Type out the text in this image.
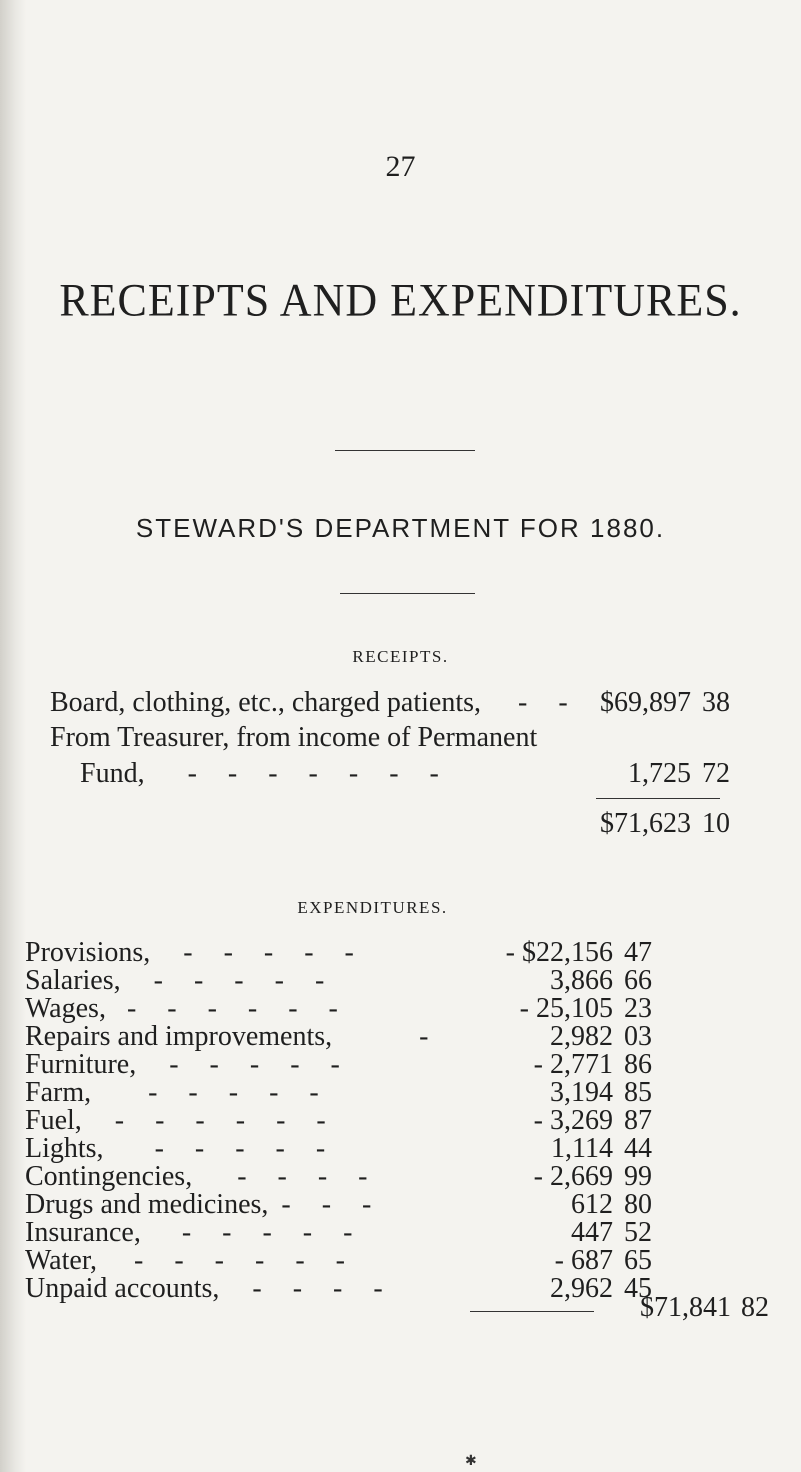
27
RECEIPTS AND EXPENDITURES.
STEWARD'S DEPARTMENT FOR 1880.
RECEIPTS.
Board, clothing, etc., charged patients, - - $69,897 38
From Treasurer, from income of Permanent
Fund, - - - - - - -	1,725 72
$71,623 10
EXPENDITURES.
Provisions, - - - - -	- $22,156 47
Salaries, - - - - -	3,866 66
Wages, - - - - - -	- 25,105 23
Repairs and improvements,	-	2,982 03
Furniture, - - - - -	- 2,771 86
Farm, - - - - -	3,194 85
Fuel, - - - - - -	- 3,269 87
Lights, - - - - -	1,114 44
Contingencies, - - - -	- 2,669 99
Drugs and medicines, - - -	612 80
Insurance, - - - - -	447 52
Water, - - - - - -	- 687 65
Unpaid accounts, - - - -	2,962 45
$71,841 82
✱
